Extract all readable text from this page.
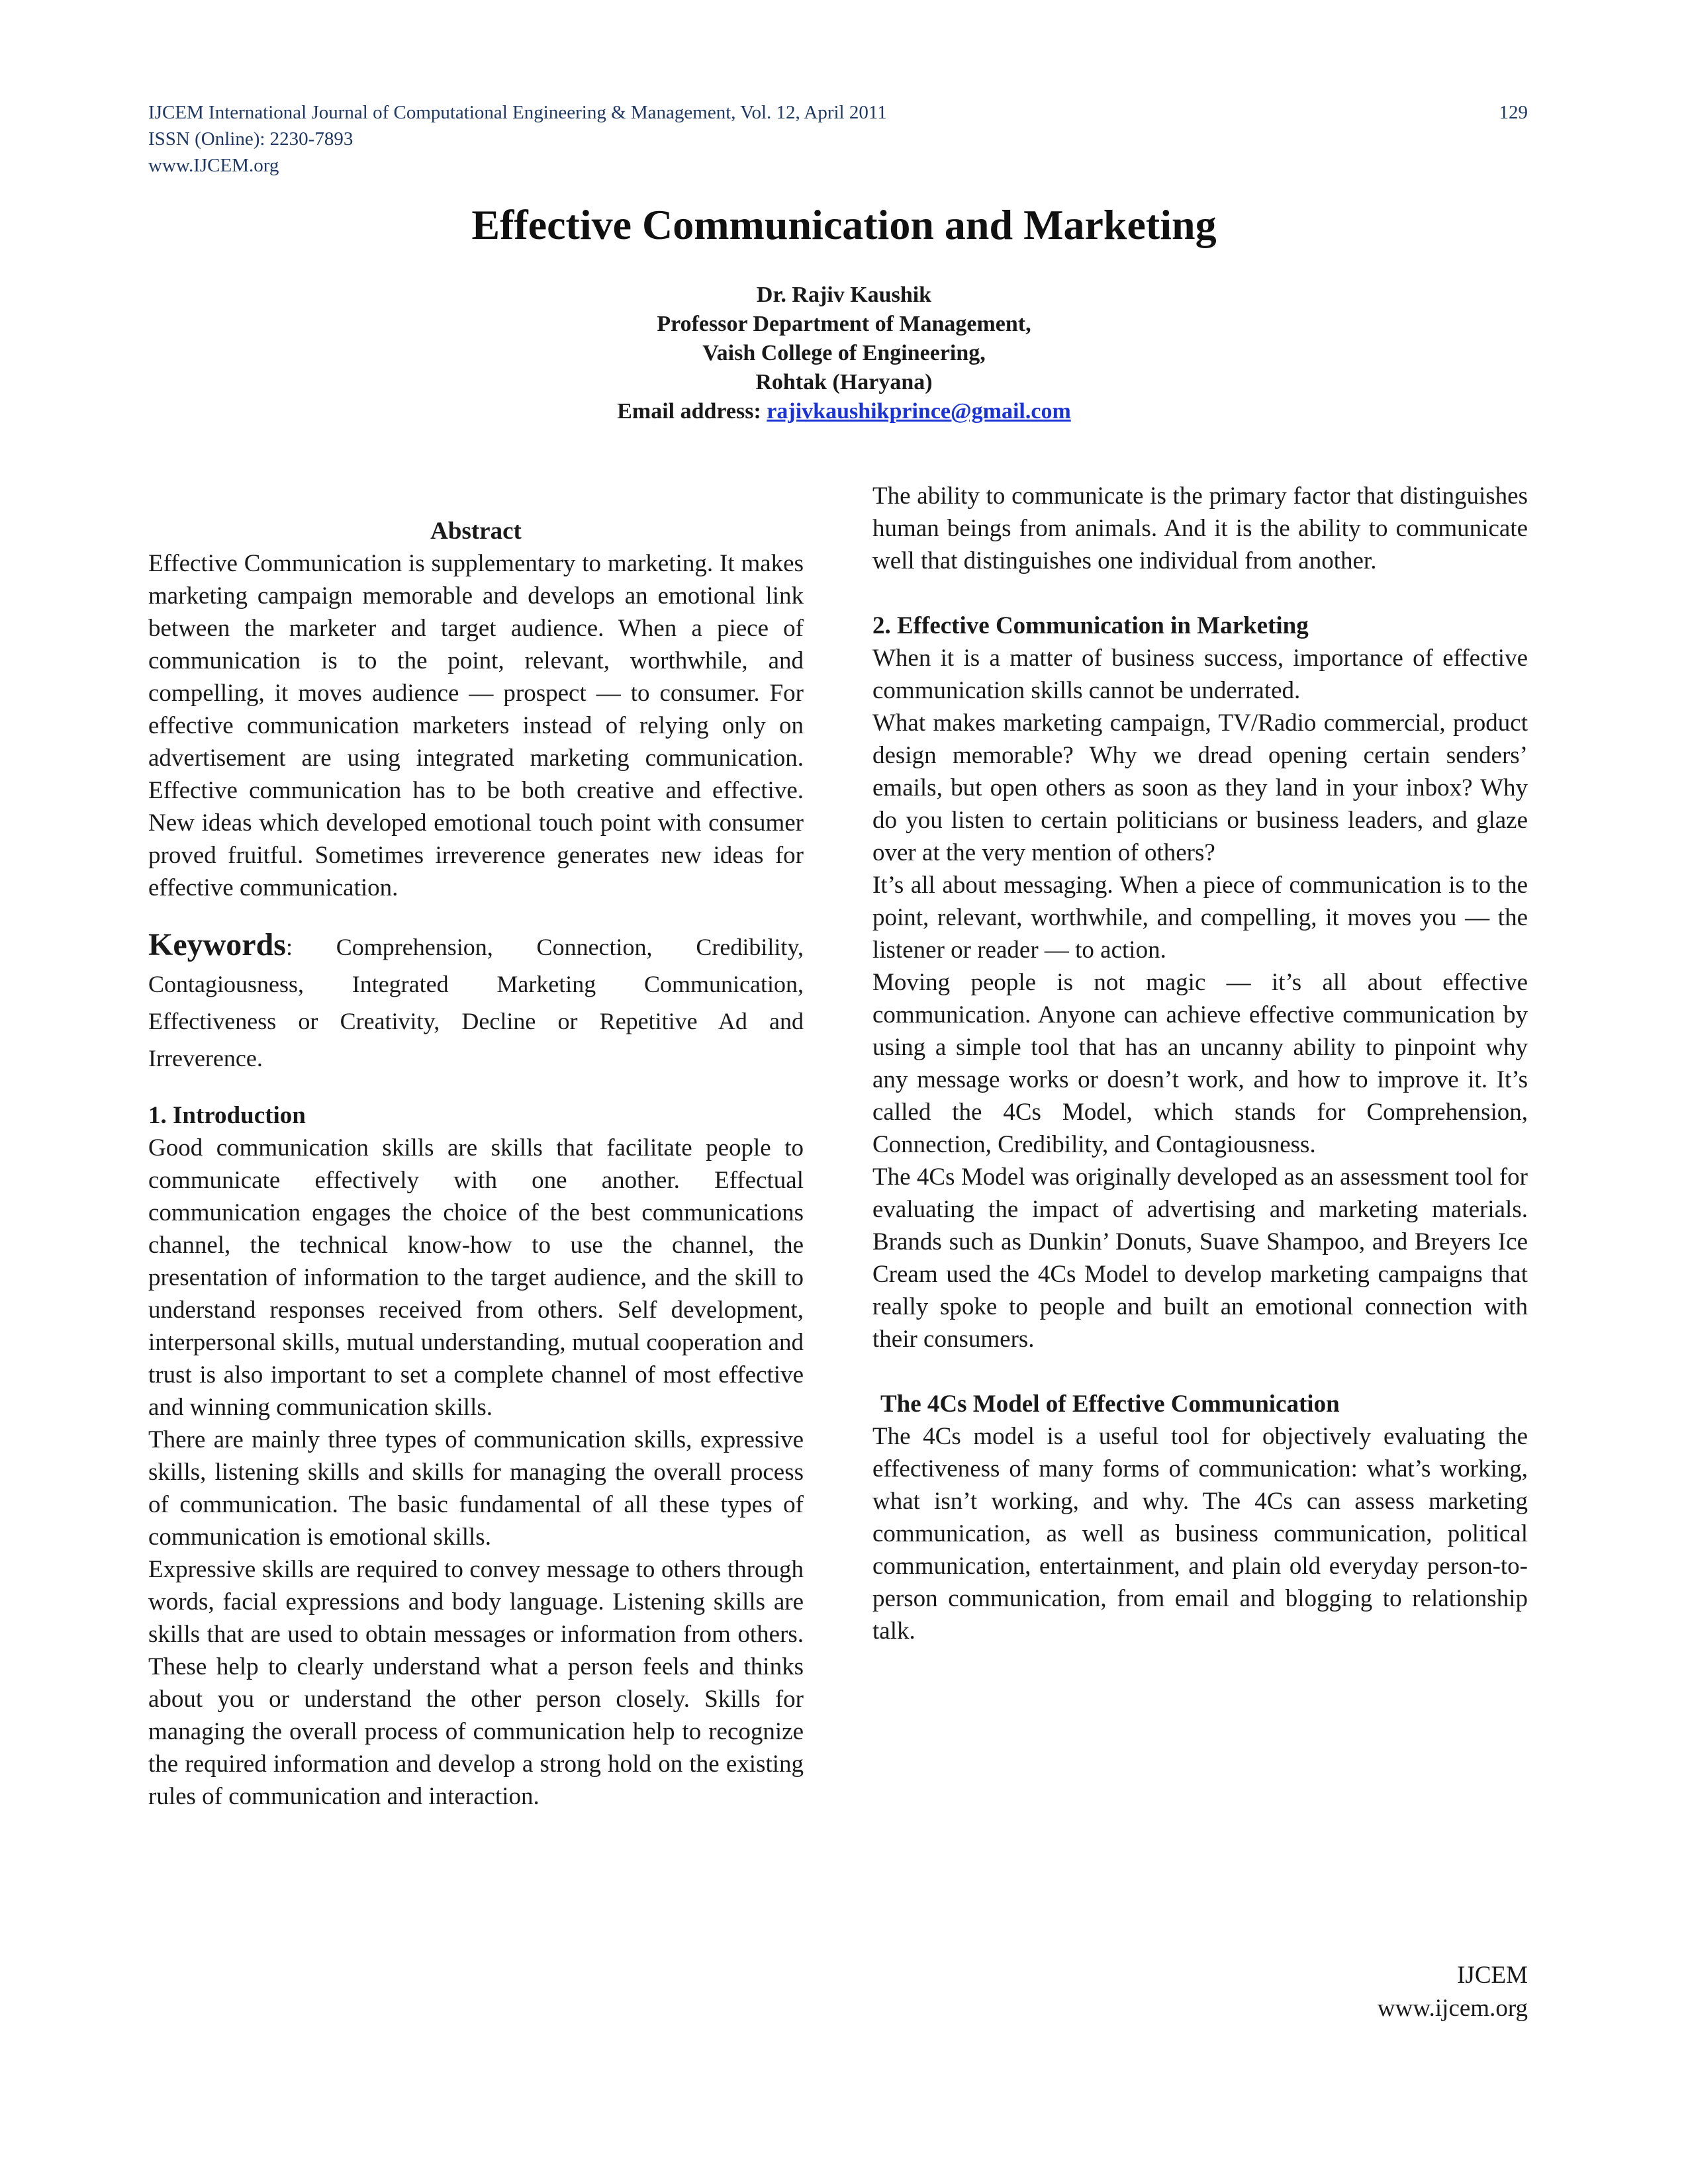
IJCEM International Journal of Computational Engineering & Management, Vol. 12, April 2011
ISSN (Online): 2230-7893
www.IJCEM.org
129
Effective Communication and Marketing
Dr. Rajiv Kaushik
Professor Department of Management,
Vaish College of Engineering,
Rohtak (Haryana)
Email address: rajivkaushikprince@gmail.com

Abstract

Effective Communication is supplementary to marketing. It makes marketing campaign memorable and develops an emotional link between the marketer and target audience. When a piece of communication is to the point, relevant, worthwhile, and compelling, it moves audience — prospect — to consumer. For effective communication marketers instead of relying only on advertisement are using integrated marketing communication. Effective communication has to be both creative and effective. New ideas which developed emotional touch point with consumer proved fruitful. Sometimes irreverence generates new ideas for effective communication.

Keywords: Comprehension, Connection, Credibility, Contagiousness, Integrated Marketing Communication, Effectiveness or Creativity, Decline or Repetitive Ad and Irreverence.

1. Introduction

Good communication skills are skills that facilitate people to communicate effectively with one another. Effectual communication engages the choice of the best communications channel, the technical know-how to use the channel, the presentation of information to the target audience, and the skill to understand responses received from others. Self development, interpersonal skills, mutual understanding, mutual cooperation and trust is also important to set a complete channel of most effective and winning communication skills.

There are mainly three types of communication skills, expressive skills, listening skills and skills for managing the overall process of communication. The basic fundamental of all these types of communication is emotional skills.

Expressive skills are required to convey message to others through words, facial expressions and body language. Listening skills are skills that are used to obtain messages or information from others. These help to clearly understand what a person feels and thinks about you or understand the other person closely. Skills for managing the overall process of communication help to recognize the required information and develop a strong hold on the existing rules of communication and interaction.

The ability to communicate is the primary factor that distinguishes human beings from animals. And it is the ability to communicate well that distinguishes one individual from another.

2. Effective Communication in Marketing

When it is a matter of business success, importance of effective communication skills cannot be underrated.

What makes marketing campaign, TV/Radio commercial, product design memorable? Why we dread opening certain senders’ emails, but open others as soon as they land in your inbox? Why do you listen to certain politicians or business leaders, and glaze over at the very mention of others?

It’s all about messaging. When a piece of communication is to the point, relevant, worthwhile, and compelling, it moves you — the listener or reader — to action.

Moving people is not magic — it’s all about effective communication. Anyone can achieve effective communication by using a simple tool that has an uncanny ability to pinpoint why any message works or doesn’t work, and how to improve it. It’s called the 4Cs Model, which stands for Comprehension, Connection, Credibility, and Contagiousness.

The 4Cs Model was originally developed as an assessment tool for evaluating the impact of advertising and marketing materials. Brands such as Dunkin’ Donuts, Suave Shampoo, and Breyers Ice Cream used the 4Cs Model to develop marketing campaigns that really spoke to people and built an emotional connection with their consumers.

The 4Cs Model of Effective Communication

The 4Cs model is a useful tool for objectively evaluating the effectiveness of many forms of communication: what’s working, what isn’t working, and why. The 4Cs can assess marketing communication, as well as business communication, political communication, entertainment, and plain old everyday person-to-person communication, from email and blogging to relationship talk.

IJCEM
www.ijcem.org
